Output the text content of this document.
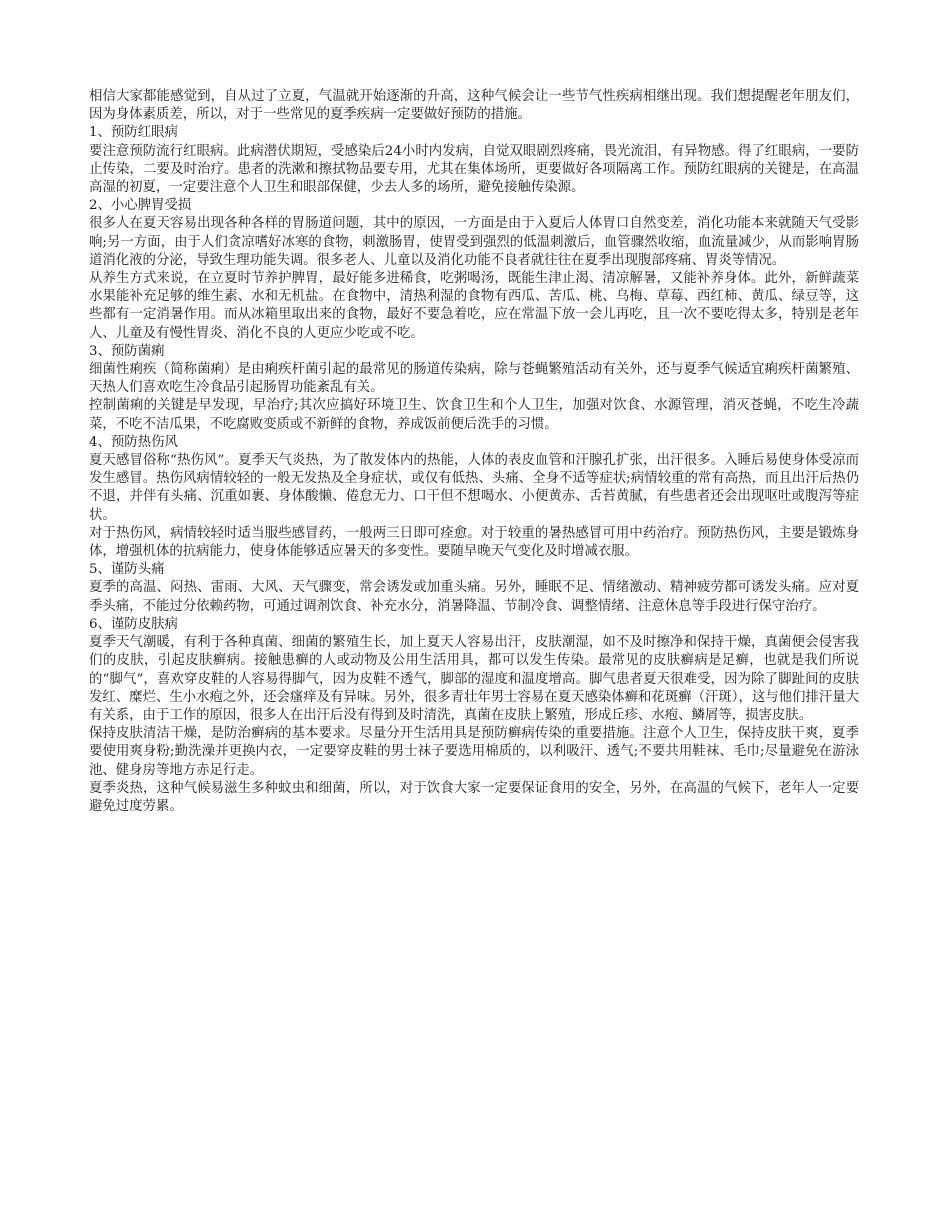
相信大家都能感觉到，自从过了立夏，气温就开始逐渐的升高，这种气候会让一些节气性疾病相继出现。我们想提醒老年朋友们，因为身体素质差，所以，对于一些常见的夏季疾病一定要做好预防的措施。

1、预防红眼病

要注意预防流行红眼病。此病潜伏期短，受感染后24小时内发病，自觉双眼剧烈疼痛，畏光流泪，有异物感。得了红眼病，一要防止传染，二要及时治疗。患者的洗漱和擦拭物品要专用，尤其在集体场所，更要做好各项隔离工作。预防红眼病的关键是，在高温高湿的初夏，一定要注意个人卫生和眼部保健，少去人多的场所，避免接触传染源。

2、小心脾胃受损

很多人在夏天容易出现各种各样的胃肠道问题，其中的原因，一方面是由于入夏后人体胃口自然变差，消化功能本来就随天气受影响;另一方面，由于人们贪凉嗜好冰寒的食物，刺激肠胃，使胃受到强烈的低温刺激后，血管骤然收缩，血流量减少，从而影响胃肠道消化液的分泌，导致生理功能失调。很多老人、儿童以及消化功能不良者就往往在夏季出现腹部疼痛、胃炎等情况。

从养生方式来说，在立夏时节养护脾胃，最好能多进稀食，吃粥喝汤，既能生津止渴、清凉解暑，又能补养身体。此外，新鲜蔬菜水果能补充足够的维生素、水和无机盐。在食物中，清热利湿的食物有西瓜、苦瓜、桃、乌梅、草莓、西红柿、黄瓜、绿豆等，这些都有一定消暑作用。而从冰箱里取出来的食物，最好不要急着吃，应在常温下放一会儿再吃，且一次不要吃得太多，特别是老年人、儿童及有慢性胃炎、消化不良的人更应少吃或不吃。

3、预防菌痢

细菌性痢疾（简称菌痢）是由痢疾杆菌引起的最常见的肠道传染病，除与苍蝇繁殖活动有关外，还与夏季气候适宜痢疾杆菌繁殖、天热人们喜欢吃生冷食品引起肠胃功能紊乱有关。

控制菌痢的关键是早发现，早治疗;其次应搞好环境卫生、饮食卫生和个人卫生，加强对饮食、水源管理，消灭苍蝇，不吃生冷蔬菜，不吃不洁瓜果，不吃腐败变质或不新鲜的食物，养成饭前便后洗手的习惯。

4、预防热伤风

夏天感冒俗称“热伤风”。夏季天气炎热，为了散发体内的热能，人体的表皮血管和汗腺孔扩张，出汗很多。入睡后易使身体受凉而发生感冒。热伤风病情较轻的一般无发热及全身症状，或仅有低热、头痛、全身不适等症状;病情较重的常有高热，而且出汗后热仍不退，并伴有头痛、沉重如裹、身体酸懒、倦怠无力、口干但不想喝水、小便黄赤、舌苔黄腻，有些患者还会出现呕吐或腹泻等症状。

对于热伤风，病情较轻时适当服些感冒药，一般两三日即可痊愈。对于较重的暑热感冒可用中药治疗。预防热伤风，主要是锻炼身体，增强机体的抗病能力，使身体能够适应暑天的多变性。要随早晚天气变化及时增减衣服。

5、谨防头痛

夏季的高温、闷热、雷雨、大风、天气骤变，常会诱发或加重头痛。另外，睡眠不足、情绪激动、精神疲劳都可诱发头痛。应对夏季头痛，不能过分依赖药物，可通过调剂饮食、补充水分，消暑降温、节制冷食、调整情绪、注意休息等手段进行保守治疗。

6、谨防皮肤病

夏季天气潮暖，有利于各种真菌、细菌的繁殖生长，加上夏天人容易出汗，皮肤潮湿，如不及时擦净和保持干燥，真菌便会侵害我们的皮肤，引起皮肤癣病。接触患癣的人或动物及公用生活用具，都可以发生传染。最常见的皮肤癣病是足癣，也就是我们所说的“脚气”，喜欢穿皮鞋的人容易得脚气，因为皮鞋不透气，脚部的湿度和温度增高。脚气患者夏天很难受，因为除了脚趾间的皮肤发红、糜烂、生小水疱之外，还会瘙痒及有异味。另外，很多青壮年男士容易在夏天感染体癣和花斑癣（汗斑），这与他们排汗量大有关系，由于工作的原因，很多人在出汗后没有得到及时清洗，真菌在皮肤上繁殖，形成丘疹、水疱、鳞屑等，损害皮肤。

保持皮肤清洁干燥，是防治癣病的基本要求。尽量分开生活用具是预防癣病传染的重要措施。注意个人卫生，保持皮肤干爽，夏季要使用爽身粉;勤洗澡并更换内衣，一定要穿皮鞋的男士袜子要选用棉质的，以利吸汗、透气;不要共用鞋袜、毛巾;尽量避免在游泳池、健身房等地方赤足行走。

夏季炎热，这种气候易滋生多种蚊虫和细菌，所以，对于饮食大家一定要保证食用的安全，另外，在高温的气候下，老年人一定要避免过度劳累。
